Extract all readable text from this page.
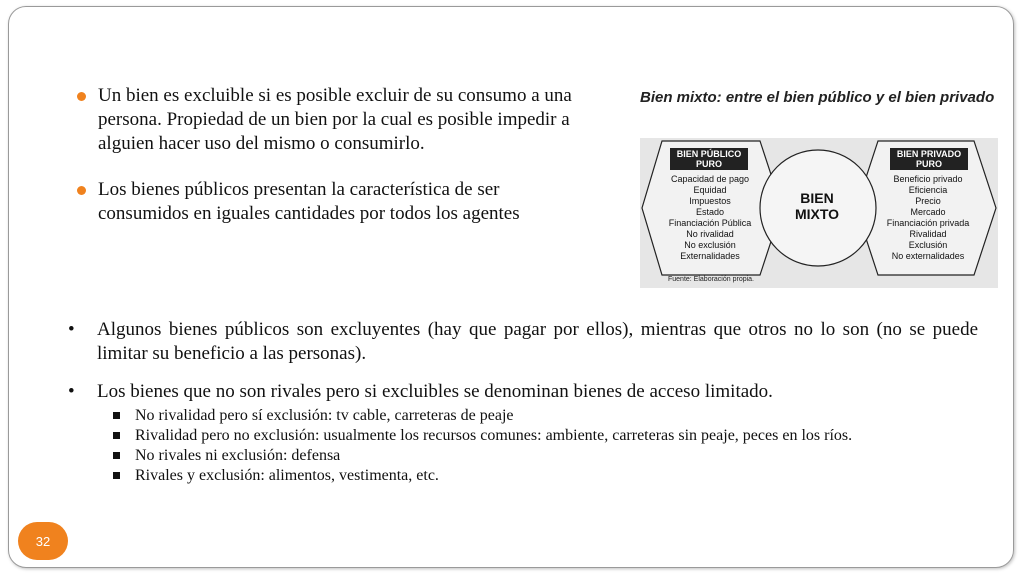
Un bien es excluible si es posible excluir de su consumo a una persona. Propiedad de un bien por la cual es posible impedir a alguien hacer uso del mismo o consumirlo.
Los bienes públicos presentan la característica de ser consumidos en iguales cantidades por todos los agentes
Bien mixto: entre el bien público y el bien privado
BIEN PÚBLICO PURO
Capacidad de pago
Equidad
Impuestos
Estado
Financiación Pública
No rivalidad
No exclusión
Externalidades
BIEN MIXTO
BIEN PRIVADO PURO
Beneficio privado
Eficiencia
Precio
Mercado
Financiación privada
Rivalidad
Exclusión
No externalidades
Fuente: Elaboración propia.
• Algunos bienes públicos son excluyentes (hay que pagar por ellos), mientras que otros no lo son (no se puede limitar su beneficio a las personas).
• Los bienes que no son rivales pero si excluibles se denominan bienes de acceso limitado.
No rivalidad pero sí exclusión: tv cable, carreteras de peaje
Rivalidad pero no exclusión: usualmente los recursos comunes: ambiente, carreteras sin peaje, peces en los ríos.
No rivales ni exclusión: defensa
Rivales y exclusión: alimentos, vestimenta, etc.
32
